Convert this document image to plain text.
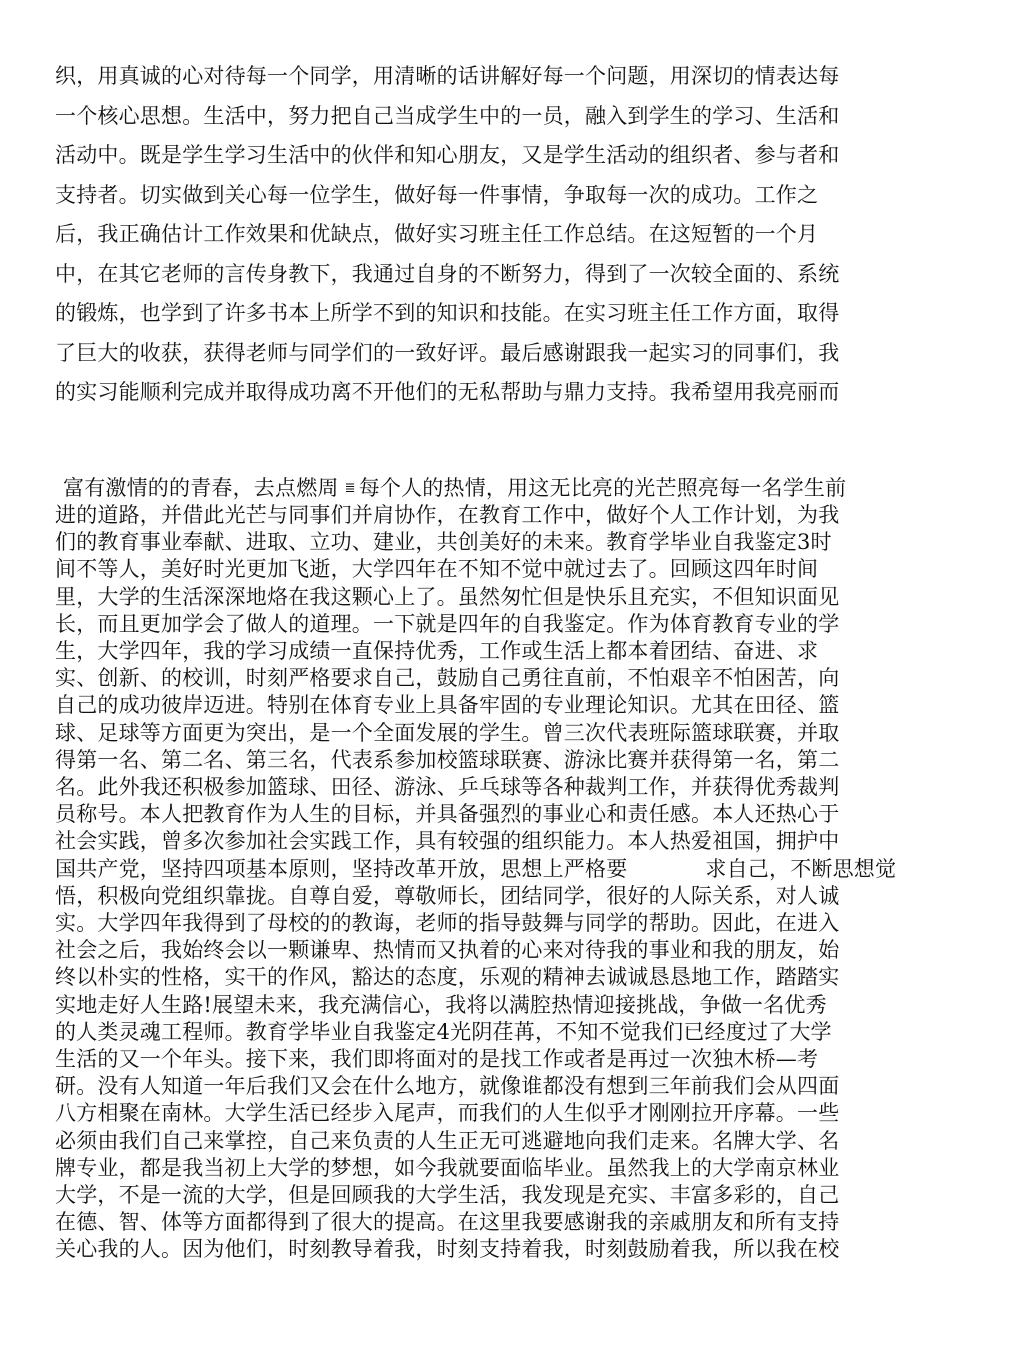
织，用真诚的心对待每一个同学，用清晰的话讲解好每一个问题，用深切的情表达每
一个核心思想。生活中，努力把自己当成学生中的一员，融入到学生的学习、生活和
活动中。既是学生学习生活中的伙伴和知心朋友，又是学生活动的组织者、参与者和
支持者。切实做到关心每一位学生，做好每一件事情，争取每一次的成功。工作之
后，我正确估计工作效果和优缺点，做好实习班主任工作总结。在这短暂的一个月
中，在其它老师的言传身教下，我通过自身的不断努力，得到了一次较全面的、系统
的锻炼，也学到了许多书本上所学不到的知识和技能。在实习班主任工作方面，取得
了巨大的收获，获得老师与同学们的一致好评。最后感谢跟我一起实习的同事们，我
的实习能顺利完成并取得成功离不开他们的无私帮助与鼎力支持。我希望用我亮丽而
富有激情的的青春，去点燃周 ≣ 每个人的热情，用这无比亮的光芒照亮每一名学生前
进的道路，并借此光芒与同事们并肩协作，在教育工作中，做好个人工作计划，为我
们的教育事业奉献、进取、立功、建业，共创美好的未来。教育学毕业自我鉴定3时
间不等人，美好时光更加飞逝，大学四年在不知不觉中就过去了。回顾这四年时间
里，大学的生活深深地烙在我这颗心上了。虽然匆忙但是快乐且充实，不但知识面见
长，而且更加学会了做人的道理。一下就是四年的自我鉴定。作为体育教育专业的学
生，大学四年，我的学习成绩一直保持优秀，工作或生活上都本着团结、奋进、求
实、创新、的校训，时刻严格要求自己，鼓励自己勇往直前，不怕艰辛不怕困苦，向
自己的成功彼岸迈进。特别在体育专业上具备牢固的专业理论知识。尤其在田径、篮
球、足球等方面更为突出，是一个全面发展的学生。曾三次代表班际篮球联赛，并取
得第一名、第二名、第三名，代表系参加校篮球联赛、游泳比赛并获得第一名，第二
名。此外我还积极参加篮球、田径、游泳、乒乓球等各种裁判工作，并获得优秀裁判
员称号。本人把教育作为人生的目标，并具备强烈的事业心和责任感。本人还热心于
社会实践，曾多次参加社会实践工作，具有较强的组织能力。本人热爱祖国，拥护中
国共产党，坚持四项基本原则，坚持改革开放，思想上严格要	求自己，不断思想觉
悟，积极向党组织靠拢。自尊自爱，尊敬师长，团结同学，很好的人际关系，对人诚
实。大学四年我得到了母校的的教诲，老师的指导鼓舞与同学的帮助。因此，在进入
社会之后，我始终会以一颗谦卑、热情而又执着的心来对待我的事业和我的朋友，始
终以朴实的性格，实干的作风，豁达的态度，乐观的精神去诚诚恳恳地工作，踏踏实
实地走好人生路!展望未来，我充满信心，我将以满腔热情迎接挑战，争做一名优秀
的人类灵魂工程师。教育学毕业自我鉴定4光阴荏苒，不知不觉我们已经度过了大学
生活的又一个年头。接下来，我们即将面对的是找工作或者是再过一次独木桥—考
研。没有人知道一年后我们又会在什么地方，就像谁都没有想到三年前我们会从四面
八方相聚在南林。大学生活已经步入尾声，而我们的人生似乎才刚刚拉开序幕。一些
必须由我们自己来掌控，自己来负责的人生正无可逃避地向我们走来。名牌大学、名
牌专业，都是我当初上大学的梦想，如今我就要面临毕业。虽然我上的大学南京林业
大学，不是一流的大学，但是回顾我的大学生活，我发现是充实、丰富多彩的，自己
在德、智、体等方面都得到了很大的提高。在这里我要感谢我的亲戚朋友和所有支持
关心我的人。因为他们，时刻教导着我，时刻支持着我，时刻鼓励着我，所以我在校
